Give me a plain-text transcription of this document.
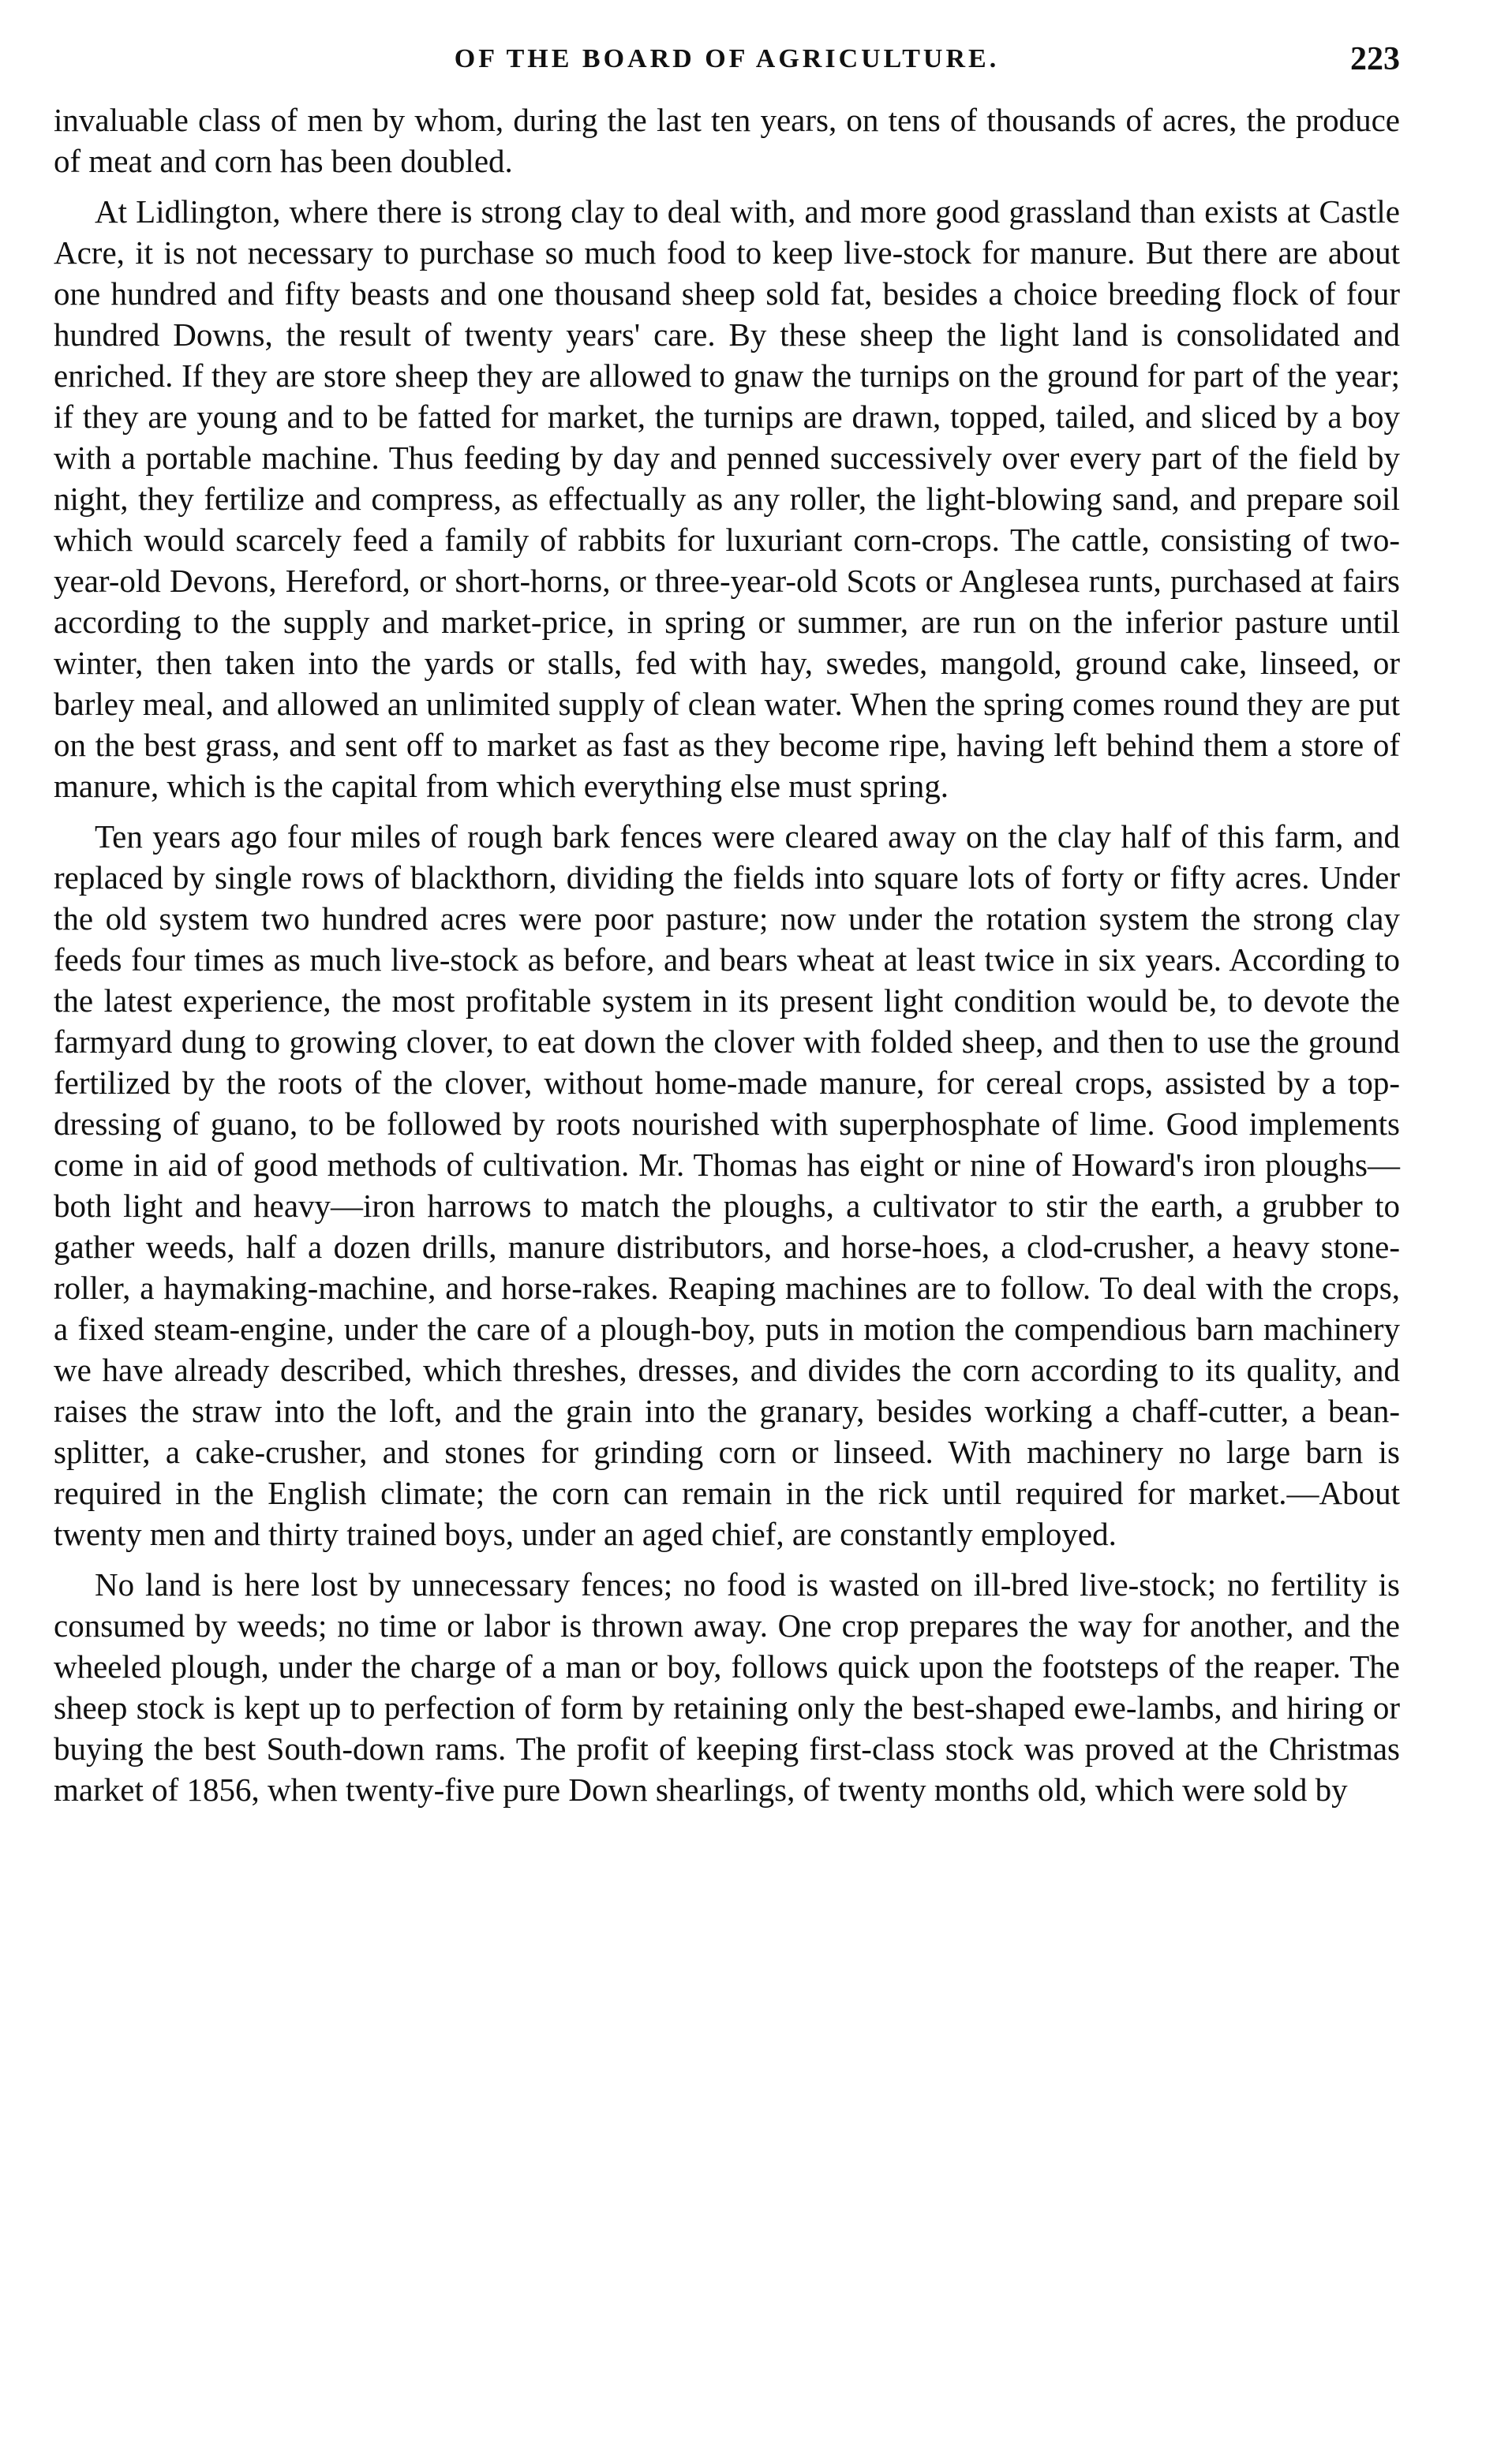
OF THE BOARD OF AGRICULTURE.	223

invaluable class of men by whom, during the last ten years, on tens of thousands of acres, the produce of meat and corn has been doubled.

At Lidlington, where there is strong clay to deal with, and more good grassland than exists at Castle Acre, it is not necessary to purchase so much food to keep live-stock for manure. But there are about one hundred and fifty beasts and one thousand sheep sold fat, besides a choice breeding flock of four hundred Downs, the result of twenty years' care. By these sheep the light land is consolidated and enriched. If they are store sheep they are allowed to gnaw the turnips on the ground for part of the year; if they are young and to be fatted for market, the turnips are drawn, topped, tailed, and sliced by a boy with a portable machine. Thus feeding by day and penned successively over every part of the field by night, they fertilize and compress, as effectually as any roller, the light-blowing sand, and prepare soil which would scarcely feed a family of rabbits for luxuriant corn-crops. The cattle, consisting of two-year-old Devons, Hereford, or short-horns, or three-year-old Scots or Anglesea runts, purchased at fairs according to the supply and market-price, in spring or summer, are run on the inferior pasture until winter, then taken into the yards or stalls, fed with hay, swedes, mangold, ground cake, linseed, or barley meal, and allowed an unlimited supply of clean water. When the spring comes round they are put on the best grass, and sent off to market as fast as they become ripe, having left behind them a store of manure, which is the capital from which everything else must spring.

Ten years ago four miles of rough bark fences were cleared away on the clay half of this farm, and replaced by single rows of blackthorn, dividing the fields into square lots of forty or fifty acres. Under the old system two hundred acres were poor pasture; now under the rotation system the strong clay feeds four times as much live-stock as before, and bears wheat at least twice in six years. According to the latest experience, the most profitable system in its present light condition would be, to devote the farmyard dung to growing clover, to eat down the clover with folded sheep, and then to use the ground fertilized by the roots of the clover, without home-made manure, for cereal crops, assisted by a top-dressing of guano, to be followed by roots nourished with superphosphate of lime. Good implements come in aid of good methods of cultivation. Mr. Thomas has eight or nine of Howard's iron ploughs—both light and heavy—iron harrows to match the ploughs, a cultivator to stir the earth, a grubber to gather weeds, half a dozen drills, manure distributors, and horse-hoes, a clod-crusher, a heavy stone-roller, a haymaking-machine, and horse-rakes. Reaping machines are to follow. To deal with the crops, a fixed steam-engine, under the care of a plough-boy, puts in motion the compendious barn machinery we have already described, which threshes, dresses, and divides the corn according to its quality, and raises the straw into the loft, and the grain into the granary, besides working a chaff-cutter, a bean-splitter, a cake-crusher, and stones for grinding corn or linseed. With machinery no large barn is required in the English climate; the corn can remain in the rick until required for market.—About twenty men and thirty trained boys, under an aged chief, are constantly employed.

No land is here lost by unnecessary fences; no food is wasted on ill-bred live-stock; no fertility is consumed by weeds; no time or labor is thrown away. One crop prepares the way for another, and the wheeled plough, under the charge of a man or boy, follows quick upon the footsteps of the reaper. The sheep stock is kept up to perfection of form by retaining only the best-shaped ewe-lambs, and hiring or buying the best South-down rams. The profit of keeping first-class stock was proved at the Christmas market of 1856, when twenty-five pure Down shearlings, of twenty months old, which were sold by
